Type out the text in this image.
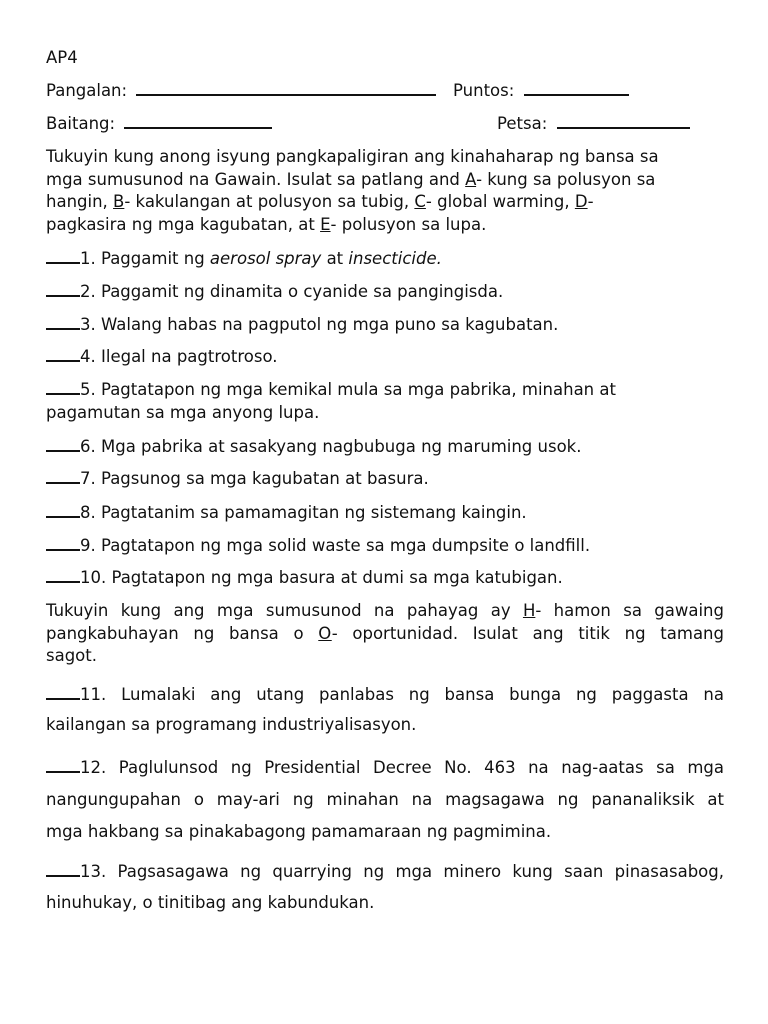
AP4
Pangalan:	Puntos:
Baitang:	Petsa:
Tukuyin kung anong isyung pangkapaligiran ang kinahaharap ng bansa sa
mga sumusunod na Gawain. Isulat sa patlang and A- kung sa polusyon sa
hangin, B- kakulangan at polusyon sa tubig, C- global warming, D-
pagkasira ng mga kagubatan, at E- polusyon sa lupa.
1. Paggamit ng aerosol spray at insecticide.
2. Paggamit ng dinamita o cyanide sa pangingisda.
3. Walang habas na pagputol ng mga puno sa kagubatan.
4. Ilegal na pagtrotroso.
5. Pagtatapon ng mga kemikal mula sa mga pabrika, minahan at
pagamutan sa mga anyong lupa.
6. Mga pabrika at sasakyang nagbubuga ng maruming usok.
7. Pagsunog sa mga kagubatan at basura.
8. Pagtatanim sa pamamagitan ng sistemang kaingin.
9. Pagtatapon ng mga solid waste sa mga dumpsite o landfill.
10. Pagtatapon ng mga basura at dumi sa mga katubigan.
Tukuyin kung ang mga sumusunod na pahayag ay H- hamon sa gawaing
pangkabuhayan ng bansa o O- oportunidad. Isulat ang titik ng tamang
sagot.
11. Lumalaki ang utang panlabas ng bansa bunga ng paggasta na
kailangan sa programang industriyalisasyon.
12. Paglulunsod ng Presidential Decree No. 463 na nag-aatas sa mga
nangungupahan o may-ari ng minahan na magsagawa ng pananaliksik at
mga hakbang sa pinakabagong pamamaraan ng pagmimina.
13. Pagsasagawa ng quarrying ng mga minero kung saan pinasasabog,
hinuhukay, o tinitibag ang kabundukan.
